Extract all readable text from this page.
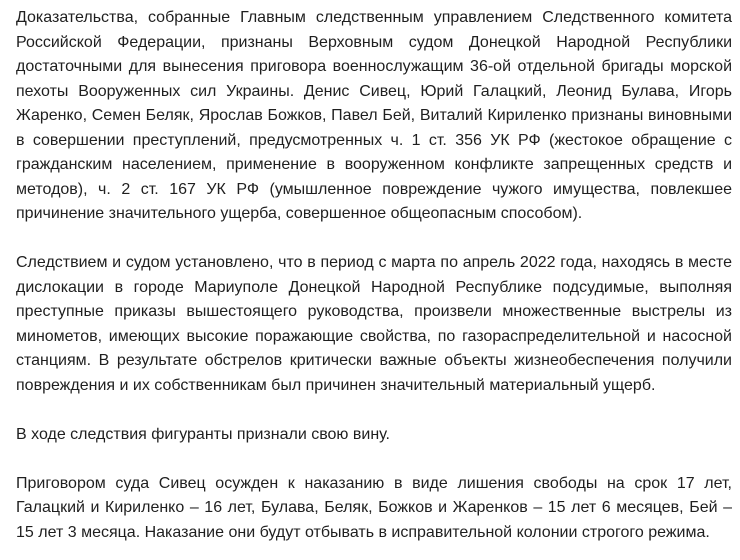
Доказательства, собранные Главным следственным управлением Следственного комитета Российской Федерации, признаны Верховным судом Донецкой Народной Республики достаточными для вынесения приговора военнослужащим 36-ой отдельной бригады морской пехоты Вооруженных сил Украины. Денис Сивец, Юрий Галацкий, Леонид Булава, Игорь Жаренко, Семен Беляк, Ярослав Божков, Павел Бей, Виталий Кириленко признаны виновными в совершении преступлений, предусмотренных ч. 1 ст. 356 УК РФ (жестокое обращение с гражданским населением, применение в вооруженном конфликте запрещенных средств и методов), ч. 2 ст. 167 УК РФ (умышленное повреждение чужого имущества, повлекшее причинение значительного ущерба, совершенное общеопасным способом).

Следствием и судом установлено, что в период с марта по апрель 2022 года, находясь в месте дислокации в городе Мариуполе Донецкой Народной Республике подсудимые, выполняя преступные приказы вышестоящего руководства, произвели множественные выстрелы из минометов, имеющих высокие поражающие свойства, по газораспределительной и насосной станциям. В результате обстрелов критически важные объекты жизнеобеспечения получили повреждения и их собственникам был причинен значительный материальный ущерб.

В ходе следствия фигуранты признали свою вину.

Приговором суда Сивец осужден к наказанию в виде лишения свободы на срок 17 лет, Галацкий и Кириленко – 16 лет, Булава, Беляк, Божков и Жаренков – 15 лет 6 месяцев, Бей – 15 лет 3 месяца. Наказание они будут отбывать в исправительной колонии строгого режима.
